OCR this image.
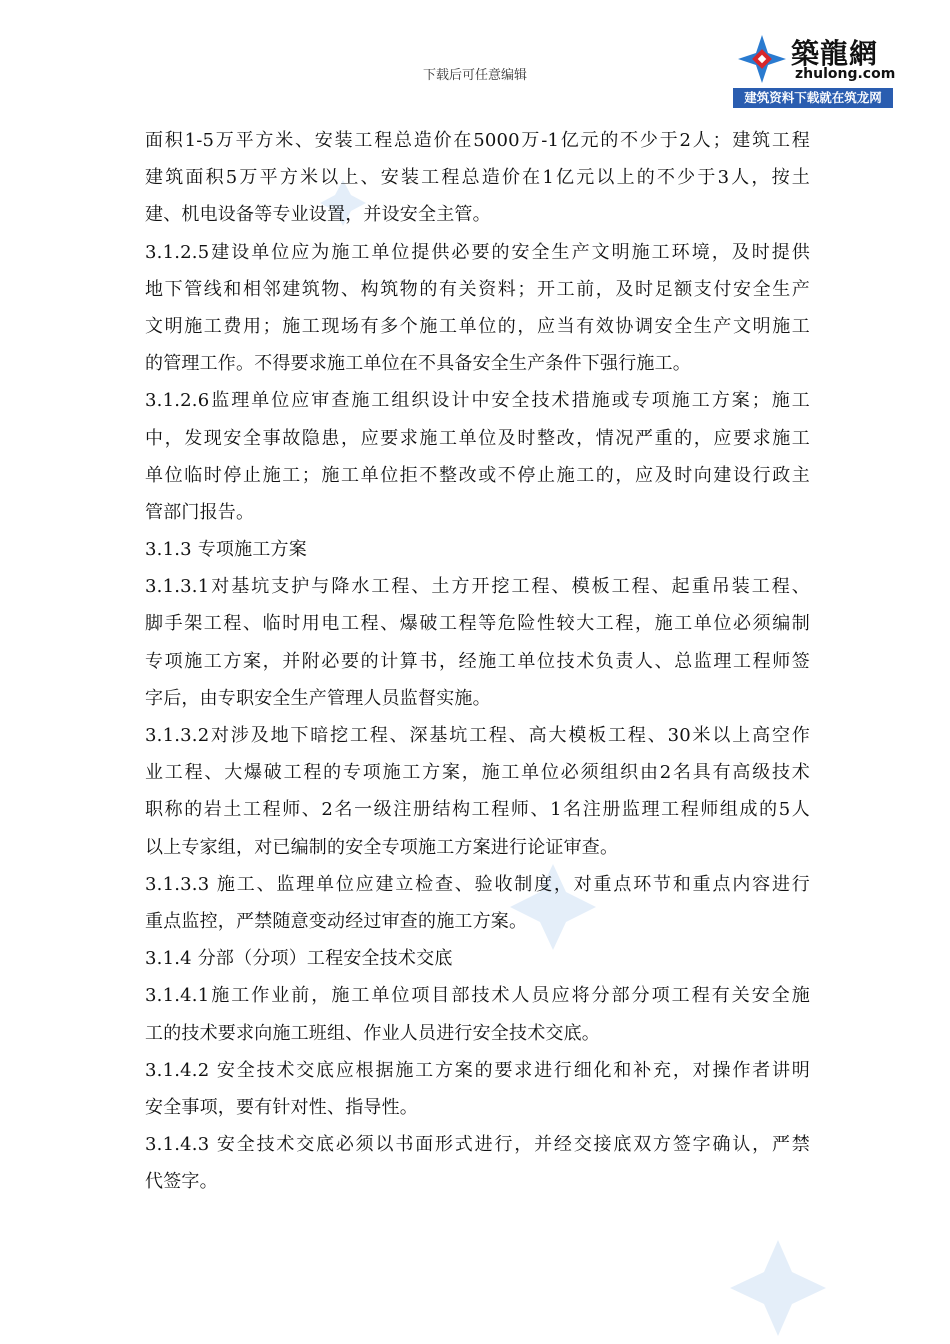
下载后可任意编辑
築龍網
zhulong.com
建筑资料下载就在筑龙网
面积1-5万平方米、安装工程总造价在5000万-1亿元的不少于2人；建筑工程
建筑面积5万平方米以上、安装工程总造价在1亿元以上的不少于3人，按土
建、机电设备等专业设置，并设安全主管。
3.1.2.5建设单位应为施工单位提供必要的安全生产文明施工环境，及时提供
地下管线和相邻建筑物、构筑物的有关资料；开工前，及时足额支付安全生产
文明施工费用；施工现场有多个施工单位的，应当有效协调安全生产文明施工
的管理工作。不得要求施工单位在不具备安全生产条件下强行施工。
3.1.2.6监理单位应审查施工组织设计中安全技术措施或专项施工方案；施工
中，发现安全事故隐患，应要求施工单位及时整改，情况严重的，应要求施工
单位临时停止施工；施工单位拒不整改或不停止施工的，应及时向建设行政主
管部门报告。
3.1.3 专项施工方案
3.1.3.1对基坑支护与降水工程、土方开挖工程、模板工程、起重吊装工程、
脚手架工程、临时用电工程、爆破工程等危险性较大工程，施工单位必须编制
专项施工方案，并附必要的计算书，经施工单位技术负责人、总监理工程师签
字后，由专职安全生产管理人员监督实施。
3.1.3.2对涉及地下暗挖工程、深基坑工程、高大模板工程、30米以上高空作
业工程、大爆破工程的专项施工方案，施工单位必须组织由2名具有高级技术
职称的岩土工程师、2名一级注册结构工程师、1名注册监理工程师组成的5人
以上专家组，对已编制的安全专项施工方案进行论证审查。
3.1.3.3 施工、监理单位应建立检查、验收制度，对重点环节和重点内容进行
重点监控，严禁随意变动经过审查的施工方案。
3.1.4 分部（分项）工程安全技术交底
3.1.4.1施工作业前，施工单位项目部技术人员应将分部分项工程有关安全施
工的技术要求向施工班组、作业人员进行安全技术交底。
3.1.4.2 安全技术交底应根据施工方案的要求进行细化和补充，对操作者讲明
安全事项，要有针对性、指导性。
3.1.4.3 安全技术交底必须以书面形式进行，并经交接底双方签字确认，严禁
代签字。
